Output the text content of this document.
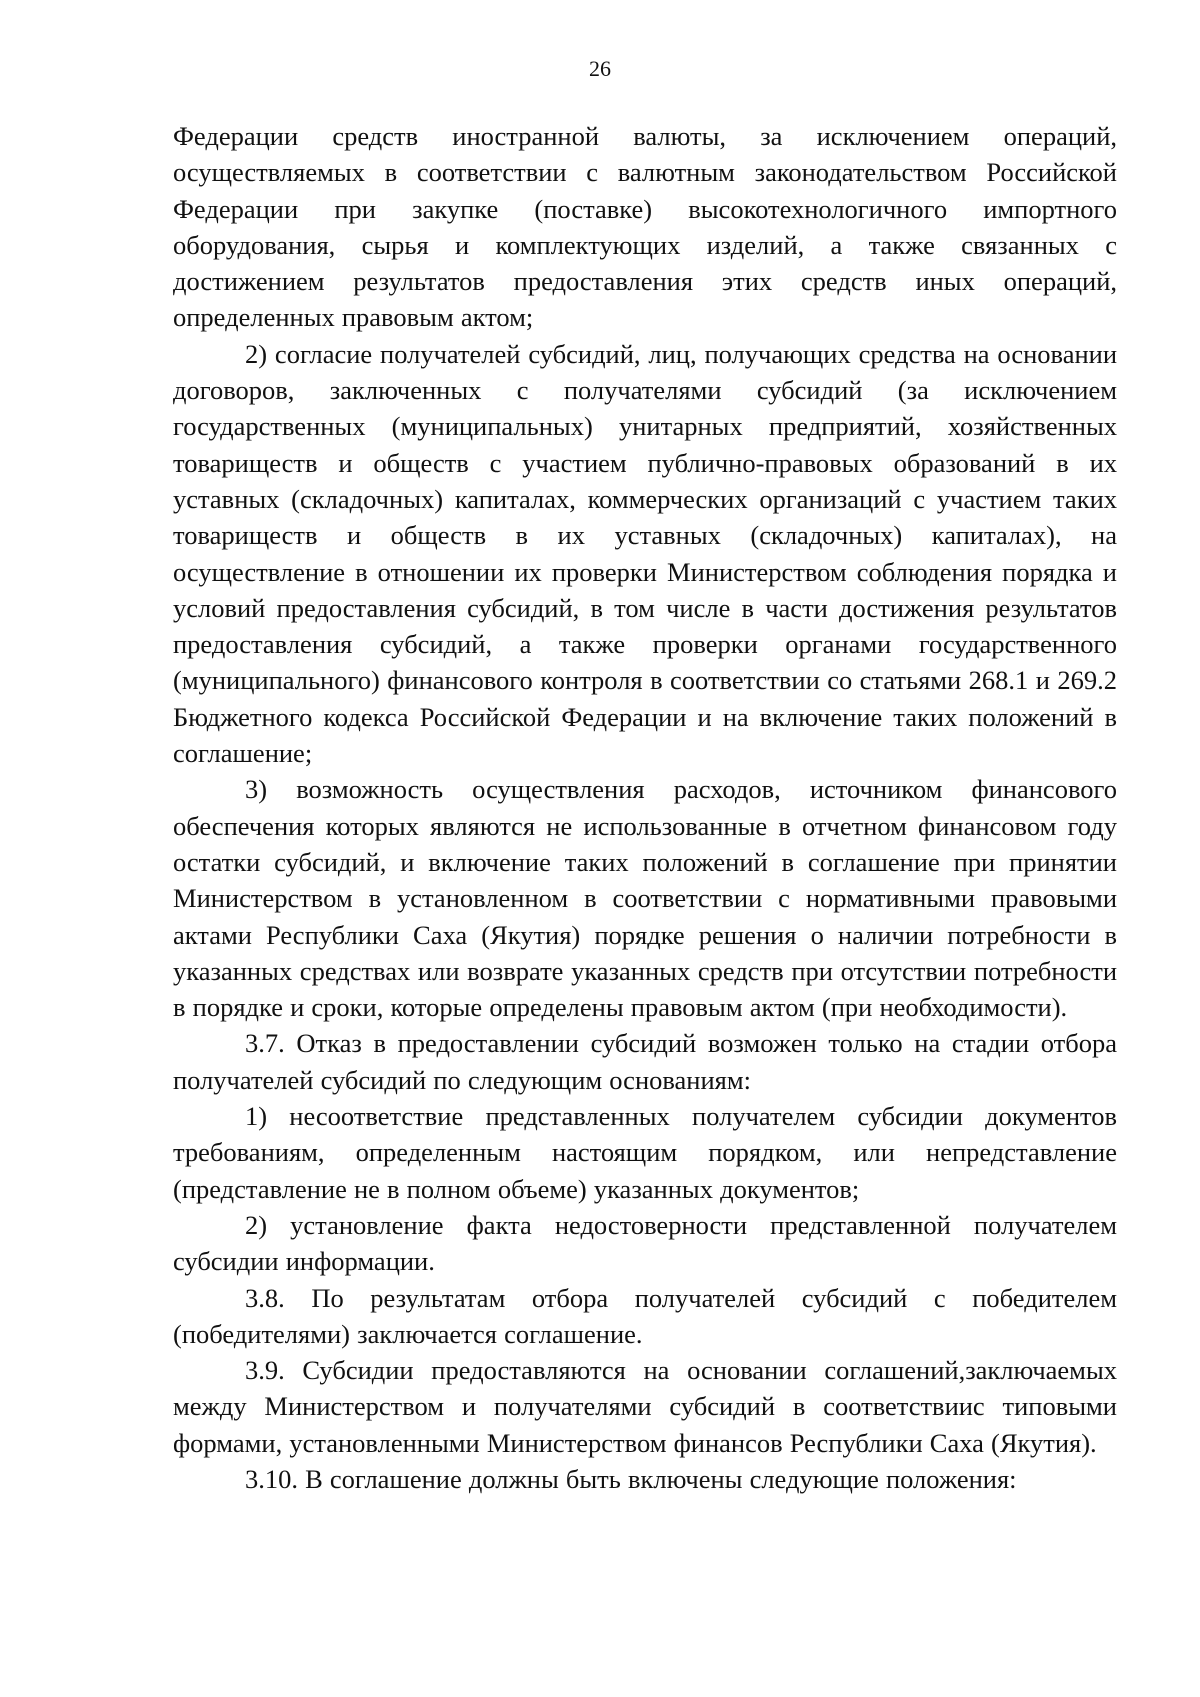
26

Федерации средств иностранной валюты, за исключением операций, осуществляемых в соответствии с валютным законодательством Российской Федерации при закупке (поставке) высокотехнологичного импортного оборудования, сырья и комплектующих изделий, а также связанных с достижением результатов предоставления этих средств иных операций, определенных правовым актом;

2) согласие получателей субсидий, лиц, получающих средства на основании договоров, заключенных с получателями субсидий (за исключением государственных (муниципальных) унитарных предприятий, хозяйственных товариществ и обществ с участием публично-правовых образований в их уставных (складочных) капиталах, коммерческих организаций с участием таких товариществ и обществ в их уставных (складочных) капиталах), на осуществление в отношении их проверки Министерством соблюдения порядка и условий предоставления субсидий, в том числе в части достижения результатов предоставления субсидий, а также проверки органами государственного (муниципального) финансового контроля в соответствии со статьями 268.1 и 269.2 Бюджетного кодекса Российской Федерации и на включение таких положений в соглашение;

3) возможность осуществления расходов, источником финансового обеспечения которых являются не использованные в отчетном финансовом году остатки субсидий, и включение таких положений в соглашение при принятии Министерством в установленном в соответствии с нормативными правовыми актами Республики Саха (Якутия) порядке решения о наличии потребности в указанных средствах или возврате указанных средств при отсутствии потребности в порядке и сроки, которые определены правовым актом (при необходимости).

3.7. Отказ в предоставлении субсидий возможен только на стадии отбора получателей субсидий по следующим основаниям:

1) несоответствие представленных получателем субсидии документов требованиям, определенным настоящим порядком, или непредставление (представление не в полном объеме) указанных документов;

2) установление факта недостоверности представленной получателем субсидии информации.

3.8. По результатам отбора получателей субсидий с победителем (победителями) заключается соглашение.

3.9. Субсидии предоставляются на основании соглашений,заключаемых между Министерством и получателями субсидий в соответствиис типовыми формами, установленными Министерством финансов Республики Саха (Якутия).

3.10. В соглашение должны быть включены следующие положения:
